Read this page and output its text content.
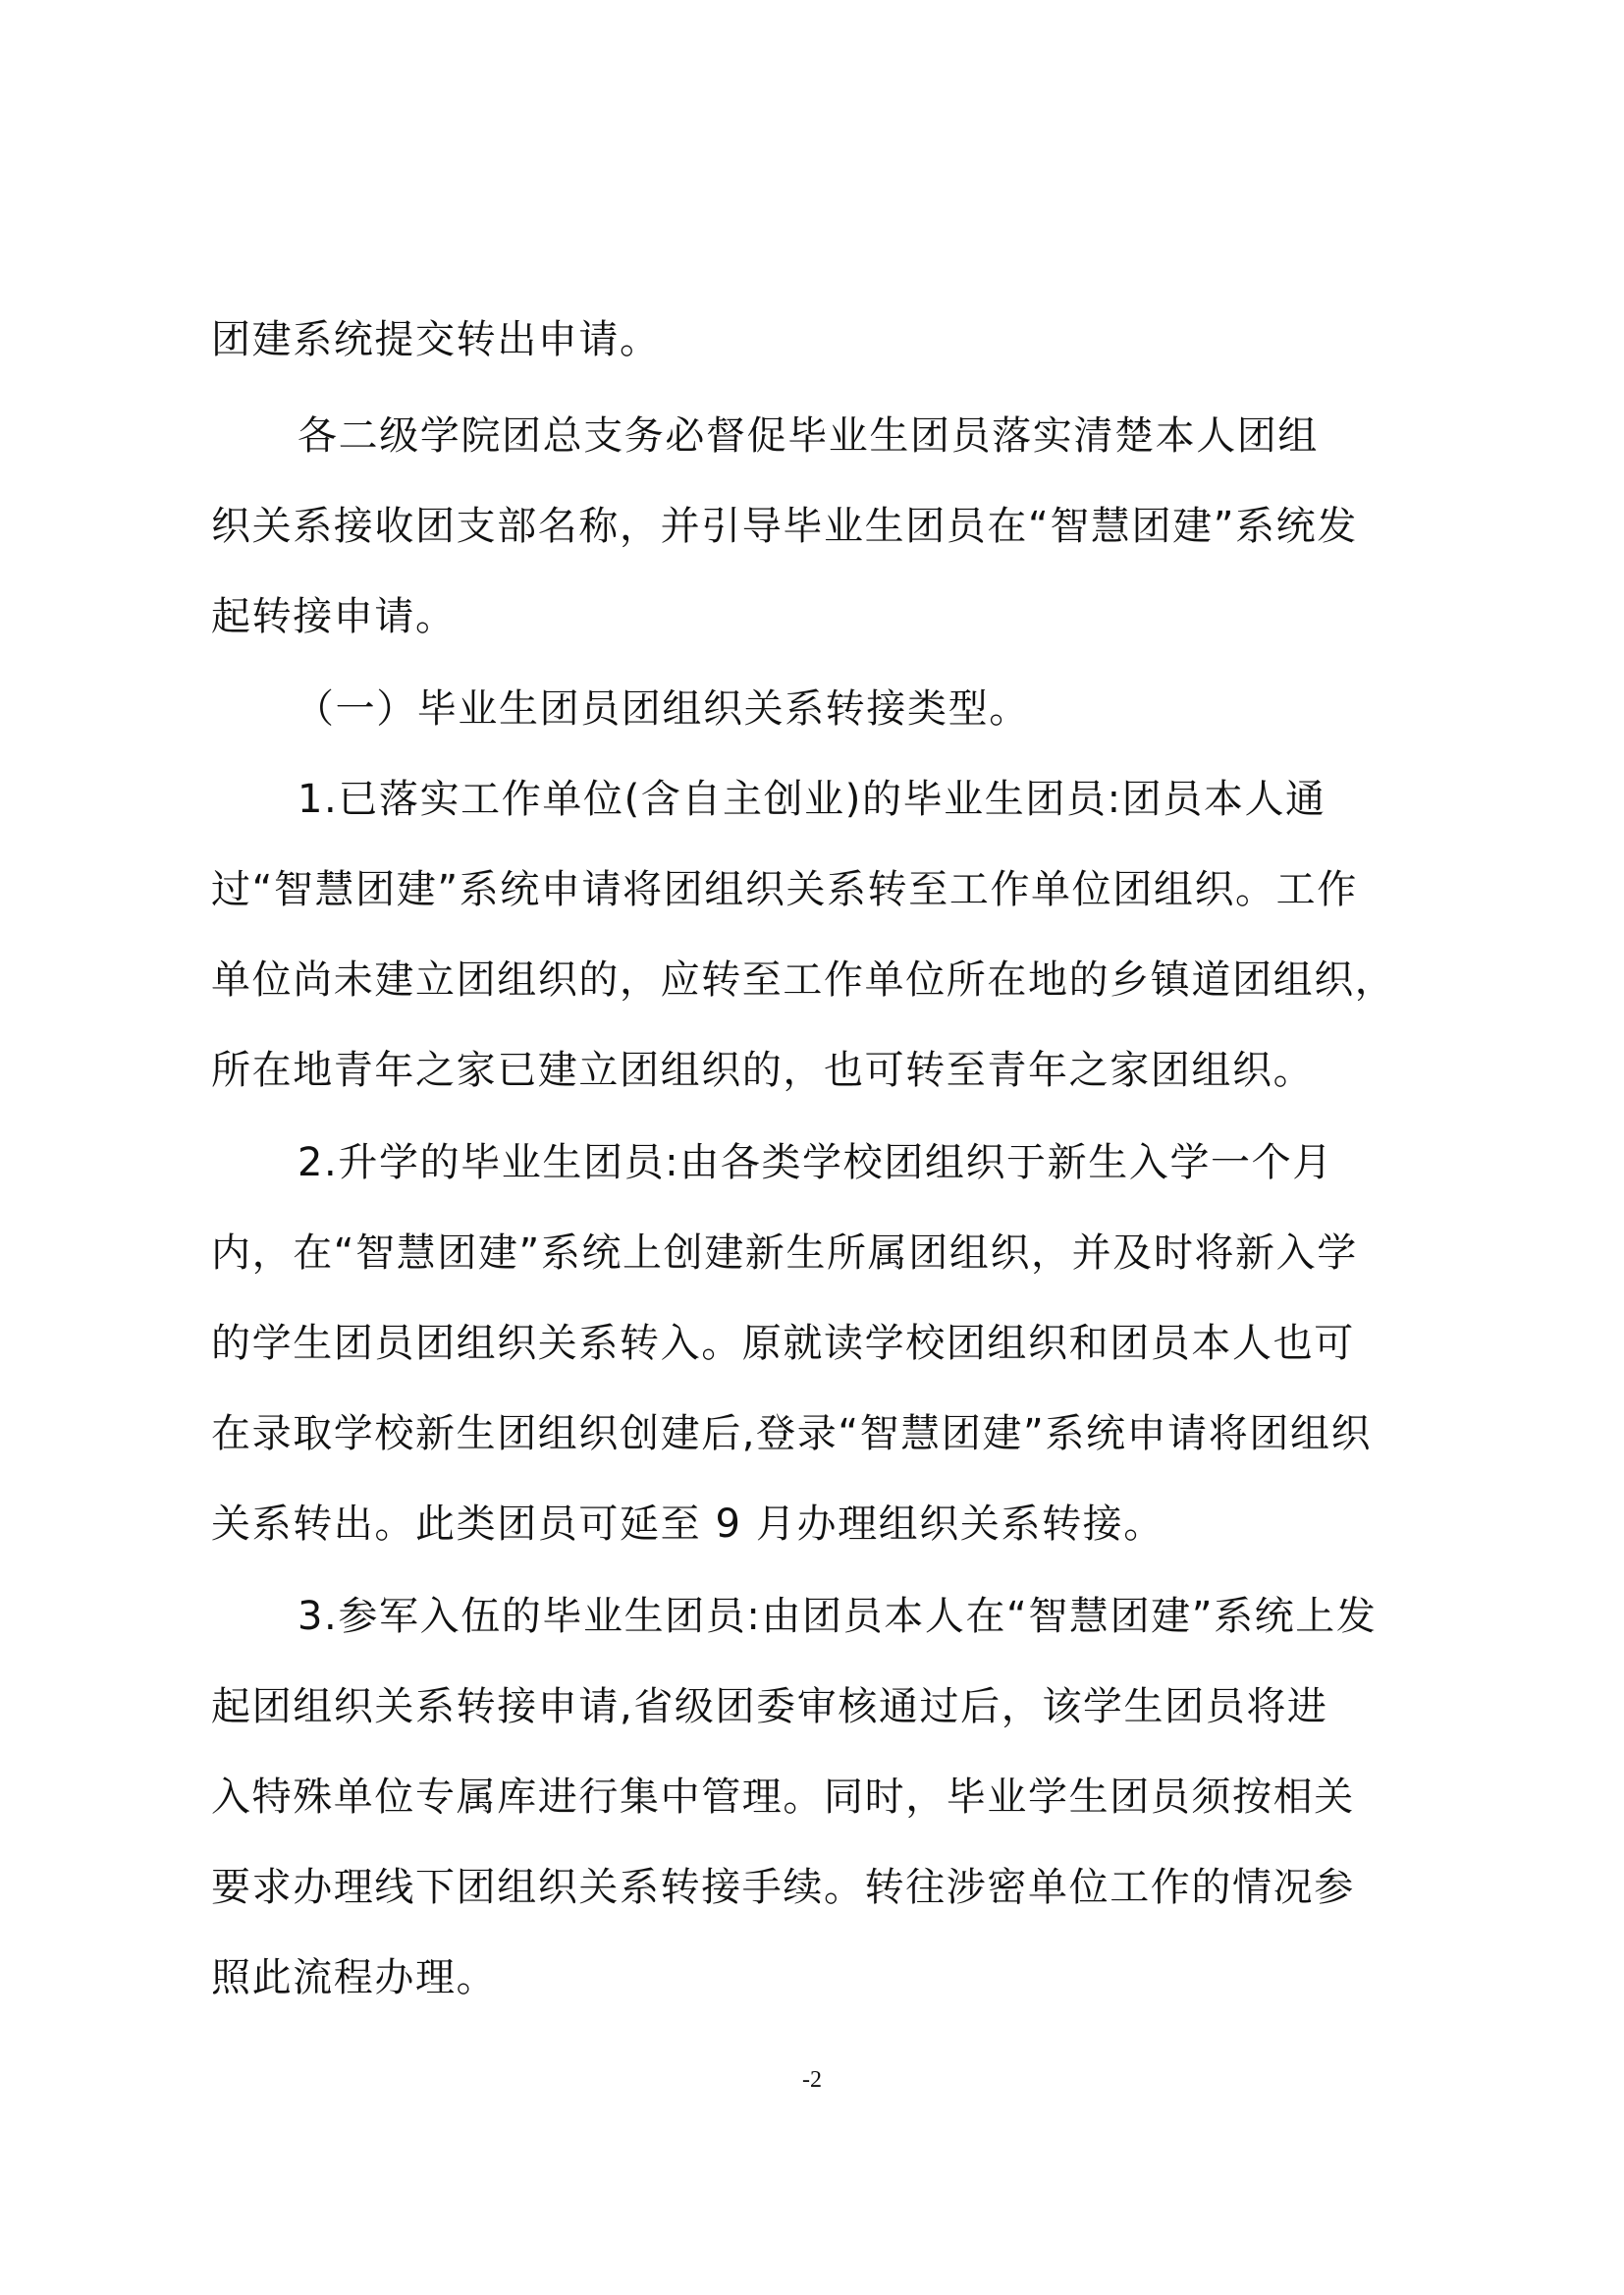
团建系统提交转出申请。

各二级学院团总支务必督促毕业生团员落实清楚本人团组

织关系接收团支部名称，并引导毕业生团员在“智慧团建”系统发

起转接申请。

（一）毕业生团员团组织关系转接类型。

1.已落实工作单位(含自主创业)的毕业生团员:团员本人通

过“智慧团建”系统申请将团组织关系转至工作单位团组织。工作

单位尚未建立团组织的，应转至工作单位所在地的乡镇道团组织，

所在地青年之家已建立团组织的，也可转至青年之家团组织。

2.升学的毕业生团员:由各类学校团组织于新生入学一个月

内，在“智慧团建”系统上创建新生所属团组织，并及时将新入学

的学生团员团组织关系转入。原就读学校团组织和团员本人也可

在录取学校新生团组织创建后,登录“智慧团建”系统申请将团组织

关系转出。此类团员可延至 9 月办理组织关系转接。

3.参军入伍的毕业生团员:由团员本人在“智慧团建”系统上发

起团组织关系转接申请,省级团委审核通过后，该学生团员将进

入特殊单位专属库进行集中管理。同时，毕业学生团员须按相关

要求办理线下团组织关系转接手续。转往涉密单位工作的情况参

照此流程办理。

-2
